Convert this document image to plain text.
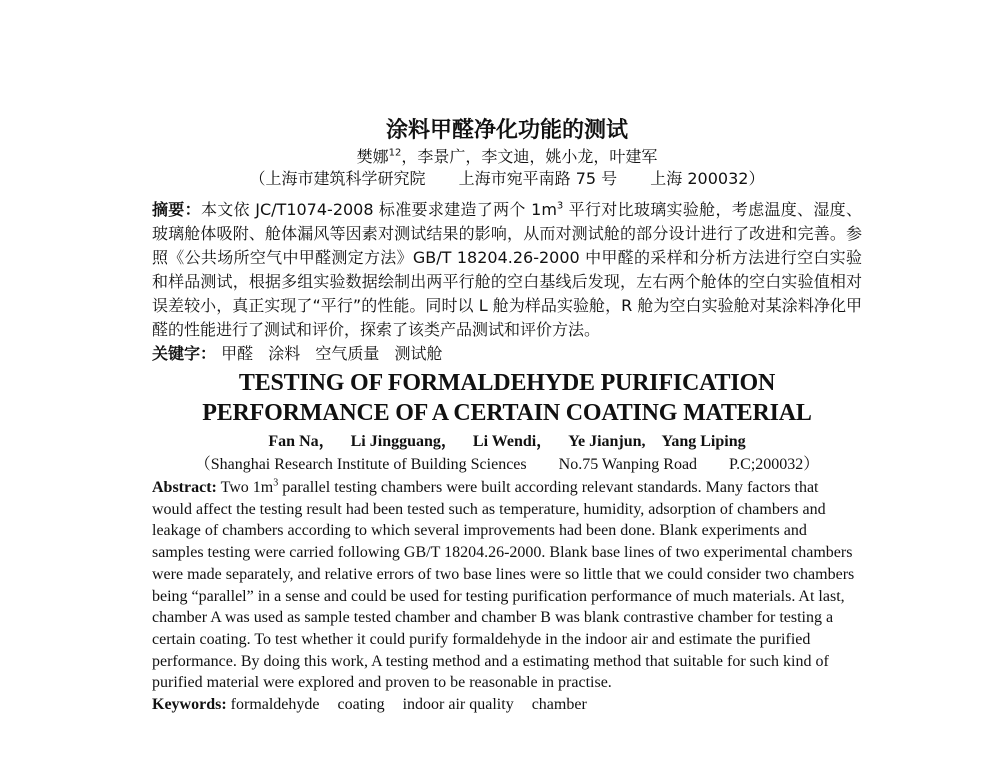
涂料甲醛净化功能的测试
樊娜$^{12}$，李景广，李文迪，姚小龙，叶建军
（上海市建筑科学研究院 上海市宛平南路 75 号 上海 200032）
摘要：本文依 JC/T1074-2008 标准要求建造了两个 $1m^3$ 平行对比玻璃实验舱，考虑温度、湿度、玻璃舱体吸附、舱体漏风等因素对测试结果的影响，从而对测试舱的部分设计进行了改进和完善。参照《公共场所空气中甲醛测定方法》GB/T 18204.26-2000 中甲醛的采样和分析方法进行空白实验和样品测试，根据多组实验数据绘制出两平行舱的空白基线后发现，左右两个舱体的空白实验值相对误差较小，真正实现了“平行”的性能。同时以 L 舱为样品实验舱，R 舱为空白实验舱对某涂料净化甲醛的性能进行了测试和评价，探索了该类产品测试和评价方法。
关键字： 甲醛 涂料 空气质量 测试舱
TESTING OF FORMALDEHYDE PURIFICATION
PERFORMANCE OF A CERTAIN COATING MATERIAL
Fan Na， Li Jingguang， Li Wendi， Ye Jianjun, Yang Liping
（Shanghai Research Institute of Building Sciences No.75 Wanping Road P.C;200032）
Abstract: Two $1m^3$ parallel testing chambers were built according relevant standards. Many factors that would affect the testing result had been tested such as temperature, humidity, adsorption of chambers and leakage of chambers according to which several improvements had been done. Blank experiments and samples testing were carried following GB/T 18204.26-2000. Blank base lines of two experimental chambers were made separately, and relative errors of two base lines were so little that we could consider two chambers being “parallel” in a sense and could be used for testing purification performance of much materials. At last, chamber A was used as sample tested chamber and chamber B was blank contrastive chamber for testing a certain coating. To test whether it could purify formaldehyde in the indoor air and estimate the purified performance. By doing this work, A testing method and a estimating method that suitable for such kind of purified material were explored and proven to be reasonable in practise.
Keywords: formaldehyde coating indoor air quality chamber
